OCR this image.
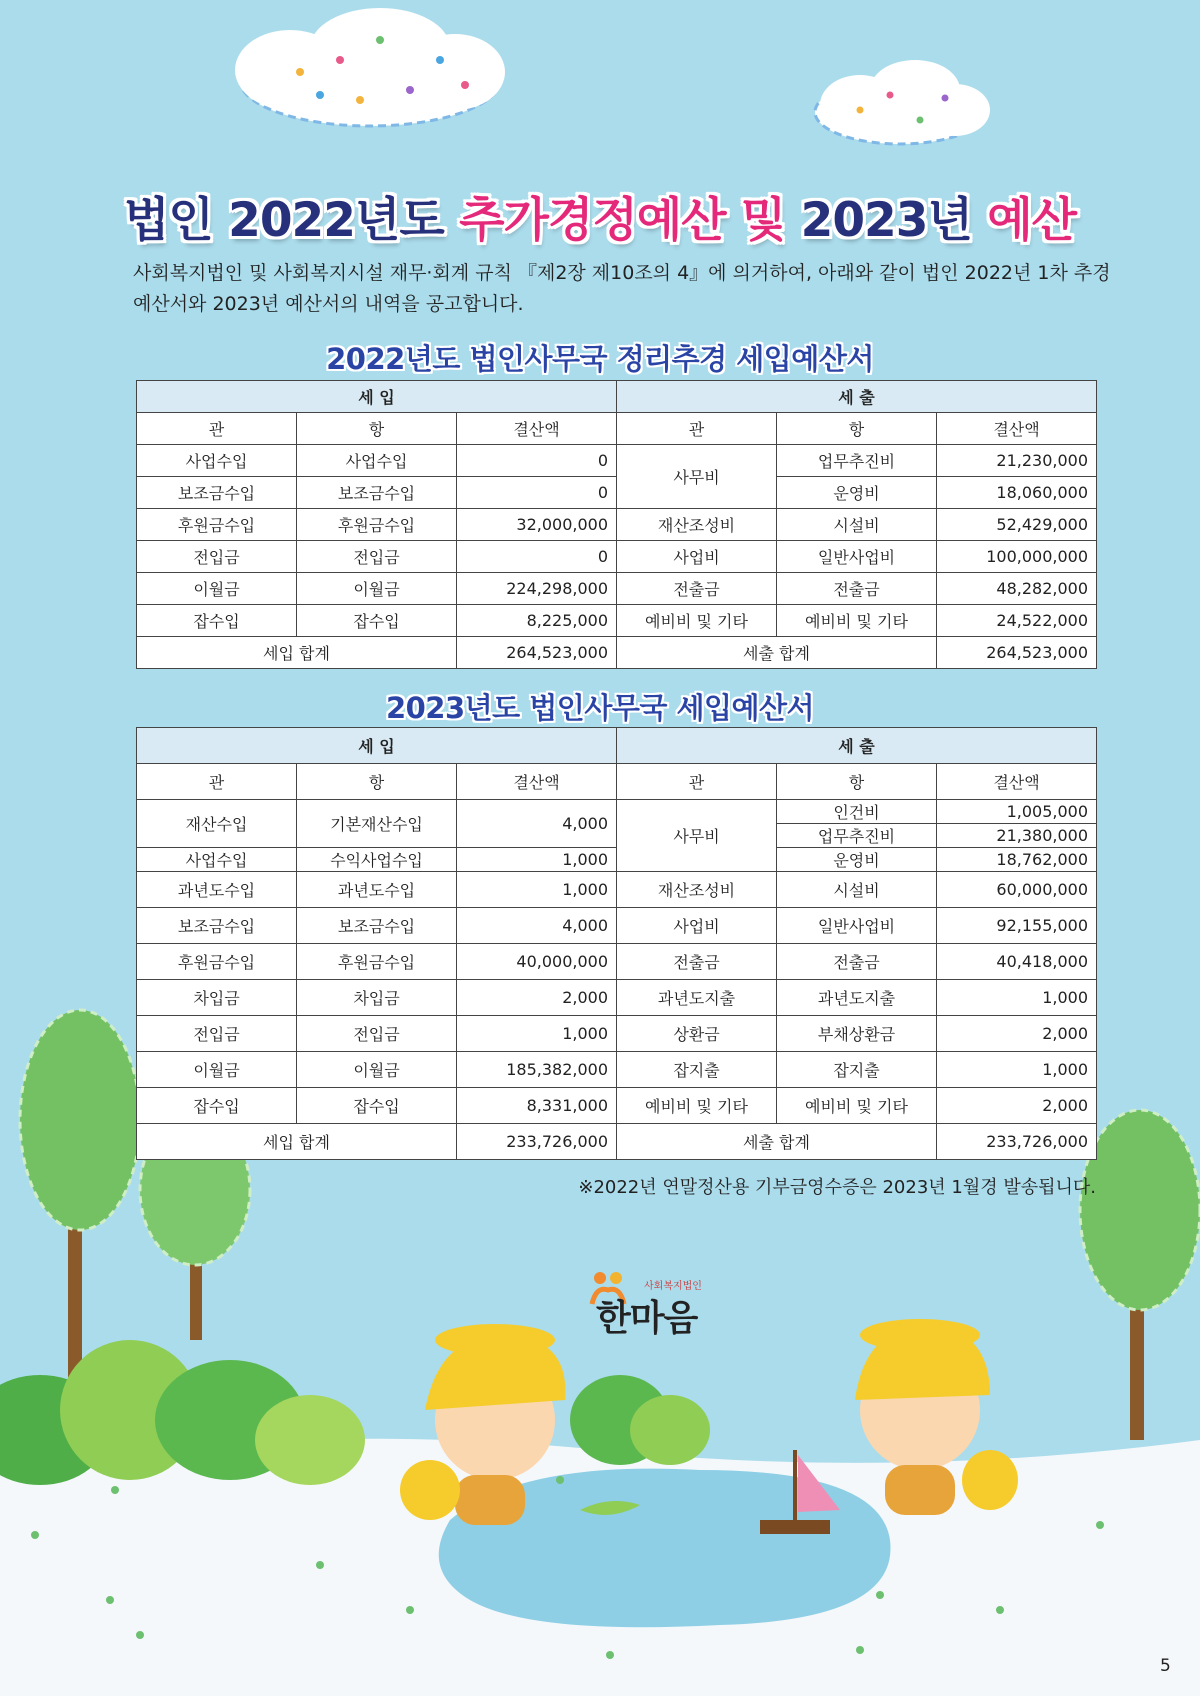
법인 2022년도 추가경정예산 및 2023년 예산
사회복지법인 및 사회복지시설 재무·회계 규칙 『제2장 제10조의 4』에 의거하여, 아래와 같이 법인 2022년 1차 추경 예산서와 2023년 예산서의 내역을 공고합니다.
2022년도 법인사무국 정리추경 세입예산서
세 입			세 출		
관	항	결산액	관	항	결산액
사업수입	사업수입	0	사무비	업무추진비	21,230,000
보조금수입	보조금수입	0		운영비	18,060,000
후원금수입	후원금수입	32,000,000	재산조성비	시설비	52,429,000
전입금	전입금	0	사업비	일반사업비	100,000,000
이월금	이월금	224,298,000	전출금	전출금	48,282,000
잡수입	잡수입	8,225,000	예비비 및 기타	예비비 및 기타	24,522,000
세입 합계		264,523,000	세출 합계		264,523,000
2023년도 법인사무국 세입예산서
세 입			세 출		
관	항	결산액	관	항	결산액
재산수입	기본재산수입	4,000	사무비	인건비	1,005,000
				업무추진비	21,380,000
사업수입	수익사업수입	1,000		운영비	18,762,000
과년도수입	과년도수입	1,000	재산조성비	시설비	60,000,000
보조금수입	보조금수입	4,000	사업비	일반사업비	92,155,000
후원금수입	후원금수입	40,000,000	전출금	전출금	40,418,000
차입금	차입금	2,000	과년도지출	과년도지출	1,000
전입금	전입금	1,000	상환금	부채상환금	2,000
이월금	이월금	185,382,000	잡지출	잡지출	1,000
잡수입	잡수입	8,331,000	예비비 및 기타	예비비 및 기타	2,000
세입 합계		233,726,000	세출 합계		233,726,000
※2022년 연말정산용 기부금영수증은 2023년 1월경 발송됩니다.
사회복지법인
한마음
5
